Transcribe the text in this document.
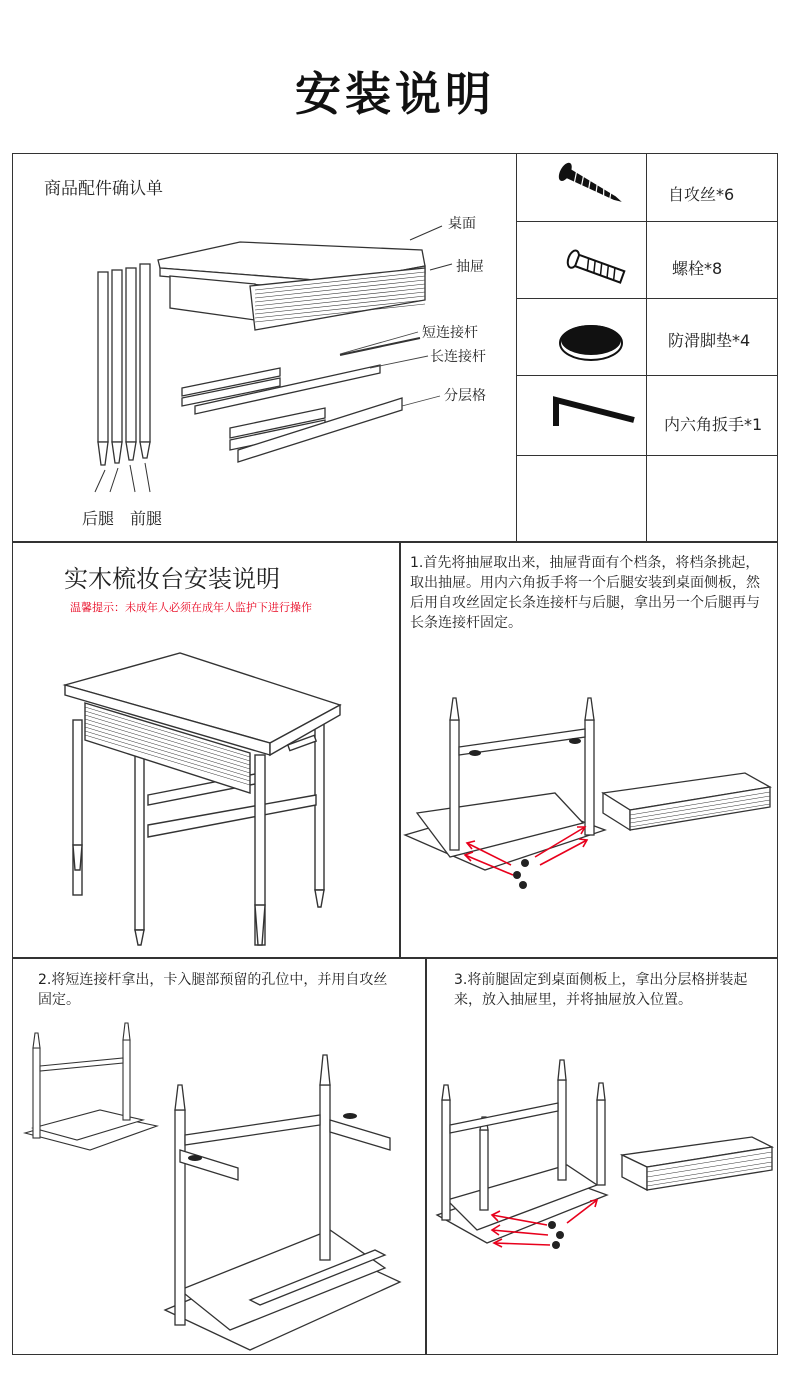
安装说明
商品配件确认单	自攻丝*6
螺栓*8
防滑脚垫*4
内六角扳手*1
桌面
抽屉
短连接杆
长连接杆
分层格
后腿 前腿
实木梳妆台安装说明
温馨提示：未成年人必须在成年人监护下进行操作
1.首先将抽屉取出来，抽屉背面有个档条，将档条挑起，取出抽屉。用内六角扳手将一个后腿安装到桌面侧板，然后用自攻丝固定长条连接杆与后腿，拿出另一个后腿再与长条连接杆固定。
2.将短连接杆拿出，卡入腿部预留的孔位中，并用自攻丝固定。
3.将前腿固定到桌面侧板上，拿出分层格拼装起来，放入抽屉里，并将抽屉放入位置。
